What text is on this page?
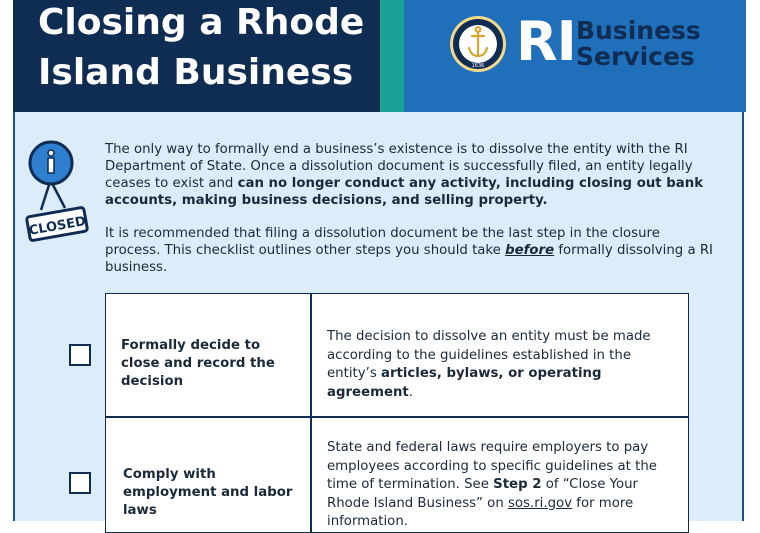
Closing a Rhode
Island Business	1636 RI Business
Services
CLOSED

The only way to formally end a business’s existence is to dissolve the entity with the RI Department of State. Once a dissolution document is successfully filed, an entity legally ceases to exist and can no longer conduct any activity, including closing out bank accounts, making business decisions, and selling property.

It is recommended that filing a dissolution document be the last step in the closure process. This checklist outlines other steps you should take before formally dissolving a RI business.

Formally decide to close and record the decision

The decision to dissolve an entity must be made according to the guidelines established in the entity’s articles, bylaws, or operating agreement.

Comply with employment and labor laws

State and federal laws require employers to pay employees according to specific guidelines at the time of termination. See Step 2 of “Close Your Rhode Island Business” on sos.ri.gov for more information.
